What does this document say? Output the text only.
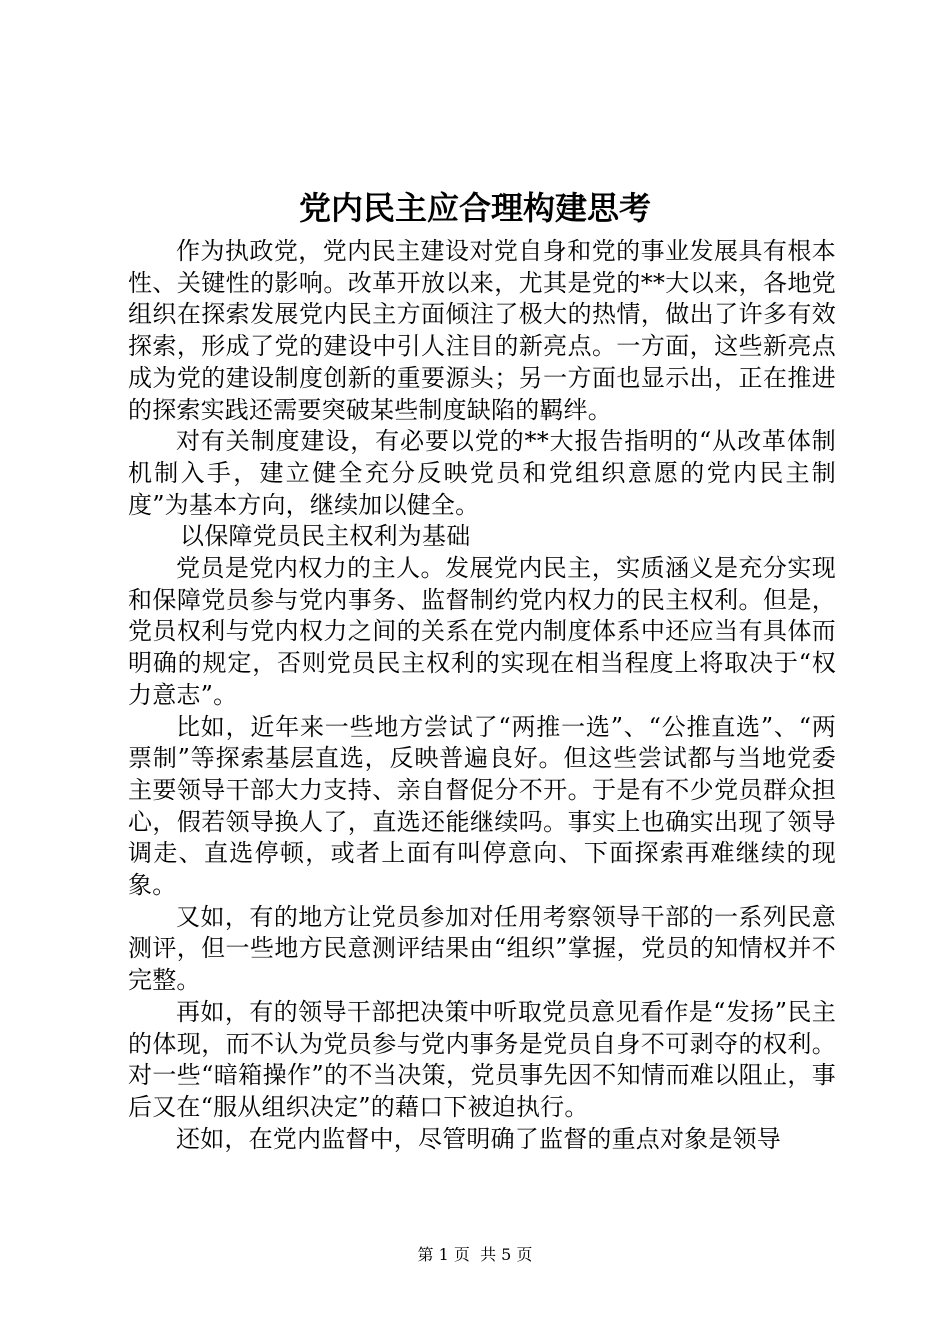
党内民主应合理构建思考

作为执政党，党内民主建设对党自身和党的事业发展具有根本性、关键性的影响。改革开放以来，尤其是党的**大以来，各地党组织在探索发展党内民主方面倾注了极大的热情，做出了许多有效探索，形成了党的建设中引人注目的新亮点。一方面，这些新亮点成为党的建设制度创新的重要源头；另一方面也显示出，正在推进的探索实践还需要突破某些制度缺陷的羁绊。

对有关制度建设，有必要以党的**大报告指明的“从改革体制机制入手，建立健全充分反映党员和党组织意愿的党内民主制度”为基本方向，继续加以健全。

以保障党员民主权利为基础

党员是党内权力的主人。发展党内民主，实质涵义是充分实现和保障党员参与党内事务、监督制约党内权力的民主权利。但是，党员权利与党内权力之间的关系在党内制度体系中还应当有具体而明确的规定，否则党员民主权利的实现在相当程度上将取决于“权力意志”。

比如，近年来一些地方尝试了“两推一选”、“公推直选”、“两票制”等探索基层直选，反映普遍良好。但这些尝试都与当地党委主要领导干部大力支持、亲自督促分不开。于是有不少党员群众担心，假若领导换人了，直选还能继续吗。事实上也确实出现了领导调走、直选停顿，或者上面有叫停意向、下面探索再难继续的现象。

又如，有的地方让党员参加对任用考察领导干部的一系列民意测评，但一些地方民意测评结果由“组织”掌握，党员的知情权并不完整。

再如，有的领导干部把决策中听取党员意见看作是“发扬”民主的体现，而不认为党员参与党内事务是党员自身不可剥夺的权利。对一些“暗箱操作”的不当决策，党员事先因不知情而难以阻止，事后又在“服从组织决定”的藉口下被迫执行。

还如，在党内监督中，尽管明确了监督的重点对象是领导

第 1 页  共 5 页
